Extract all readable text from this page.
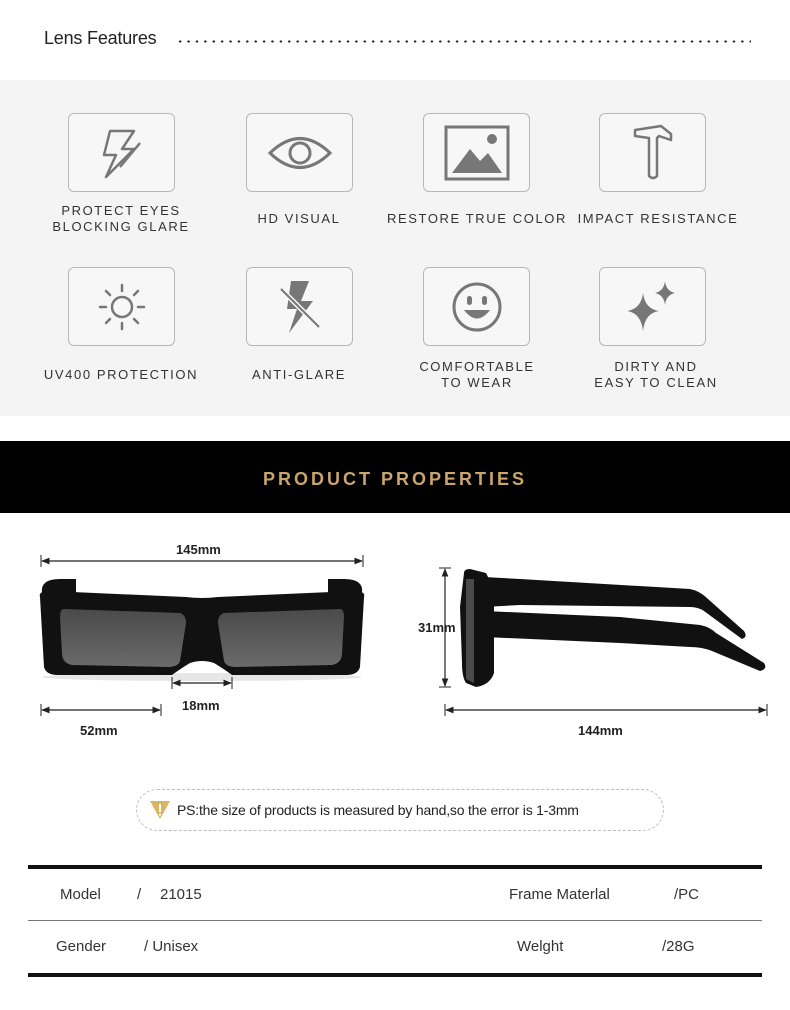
Lens Features
PROTECT EYES
BLOCKING GLARE
HD VISUAL	RESTORE TRUE COLOR IMPACT RESISTANCE
UV400 PROTECTION	ANTI-GLARE
COMFORTABLE
TO WEAR
DIRTY AND
EASY TO CLEAN
PRODUCT PROPERTIES
145mm
18mm
52mm
31mm
144mm
PS:the size of products is measured by hand,so the error is 1-3mm
Model / 21015	Frame Materlal	/PC
Gender	/ Unisex	Welght	/28G
